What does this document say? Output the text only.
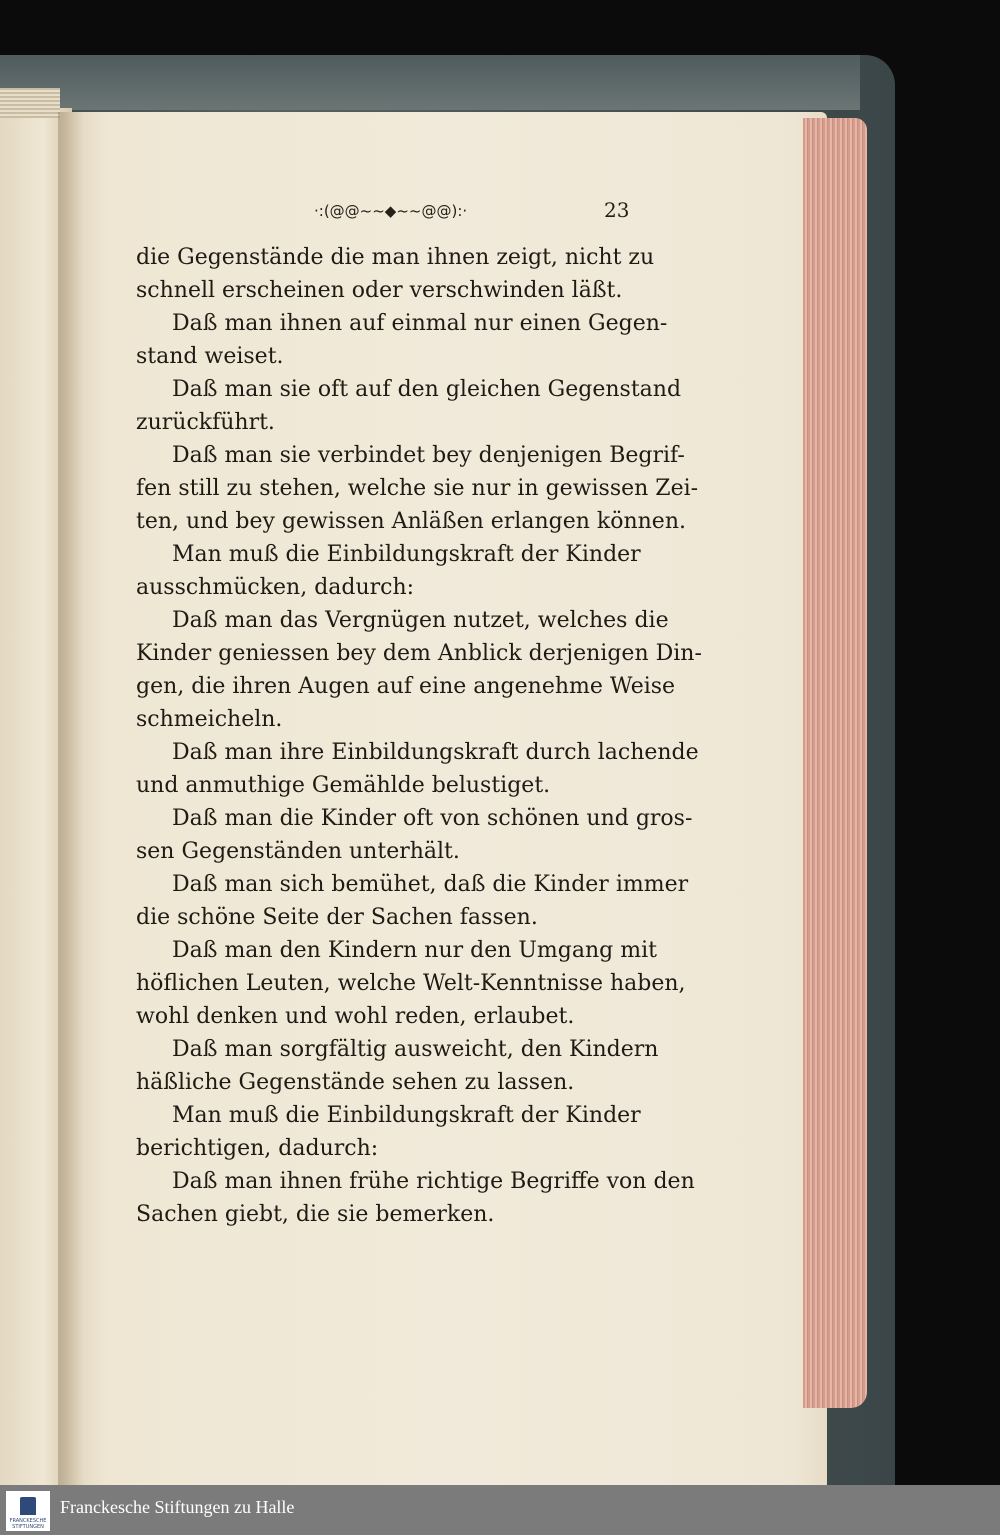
·:(@@~~◆~~@@):·	23
die Gegenstände die man ihnen zeigt, nicht zu
schnell erscheinen oder verschwinden läßt.
Daß man ihnen auf einmal nur einen Gegen-
stand weiset.
Daß man sie oft auf den gleichen Gegenstand
zurückführt.
Daß man sie verbindet bey denjenigen Begrif-
fen still zu stehen, welche sie nur in gewissen Zei-
ten, und bey gewissen Anläßen erlangen können.
Man muß die Einbildungskraft der Kinder
ausschmücken, dadurch:
Daß man das Vergnügen nutzet, welches die
Kinder geniessen bey dem Anblick derjenigen Din-
gen, die ihren Augen auf eine angenehme Weise
schmeicheln.
Daß man ihre Einbildungskraft durch lachende
und anmuthige Gemählde belustiget.
Daß man die Kinder oft von schönen und gros-
sen Gegenständen unterhält.
Daß man sich bemühet, daß die Kinder immer
die schöne Seite der Sachen fassen.
Daß man den Kindern nur den Umgang mit
höflichen Leuten, welche Welt-Kenntnisse haben,
wohl denken und wohl reden, erlaubet.
Daß man sorgfältig ausweicht, den Kindern
häßliche Gegenstände sehen zu lassen.
Man muß die Einbildungskraft der Kinder
berichtigen, dadurch:
Daß man ihnen frühe richtige Begriffe von den
Sachen giebt, die sie bemerken.
FRANCKESCHE
STIFTUNGEN
Franckesche Stiftungen zu Halle
